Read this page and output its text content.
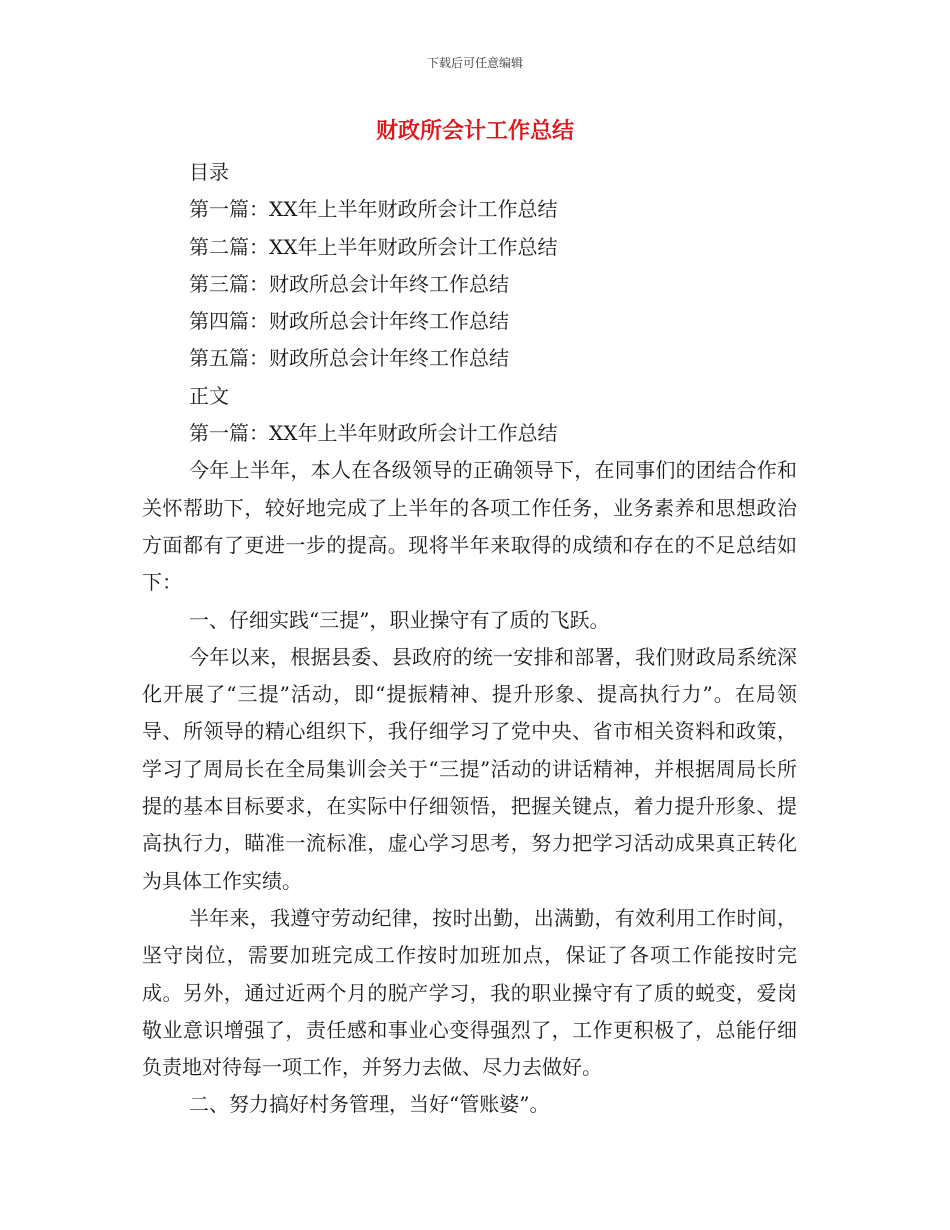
下载后可任意编辑
财政所会计工作总结
目录
第一篇：XX年上半年财政所会计工作总结
第二篇：XX年上半年财政所会计工作总结
第三篇：财政所总会计年终工作总结
第四篇：财政所总会计年终工作总结
第五篇：财政所总会计年终工作总结
正文
第一篇：XX年上半年财政所会计工作总结

今年上半年，本人在各级领导的正确领导下，在同事们的团结合作和关怀帮助下，较好地完成了上半年的各项工作任务，业务素养和思想政治方面都有了更进一步的提高。现将半年来取得的成绩和存在的不足总结如下：

一、仔细实践“三提”，职业操守有了质的飞跃。

今年以来，根据县委、县政府的统一安排和部署，我们财政局系统深化开展了“三提”活动，即“提振精神、提升形象、提高执行力”。在局领导、所领导的精心组织下，我仔细学习了党中央、省市相关资料和政策，学习了周局长在全局集训会关于“三提”活动的讲话精神，并根据周局长所提的基本目标要求，在实际中仔细领悟，把握关键点，着力提升形象、提高执行力，瞄准一流标准，虚心学习思考，努力把学习活动成果真正转化为具体工作实绩。

半年来，我遵守劳动纪律，按时出勤，出满勤，有效利用工作时间，坚守岗位，需要加班完成工作按时加班加点，保证了各项工作能按时完成。另外，通过近两个月的脱产学习，我的职业操守有了质的蜕变，爱岗敬业意识增强了，责任感和事业心变得强烈了，工作更积极了，总能仔细负责地对待每一项工作，并努力去做、尽力去做好。

二、努力搞好村务管理，当好“管账婆”。
